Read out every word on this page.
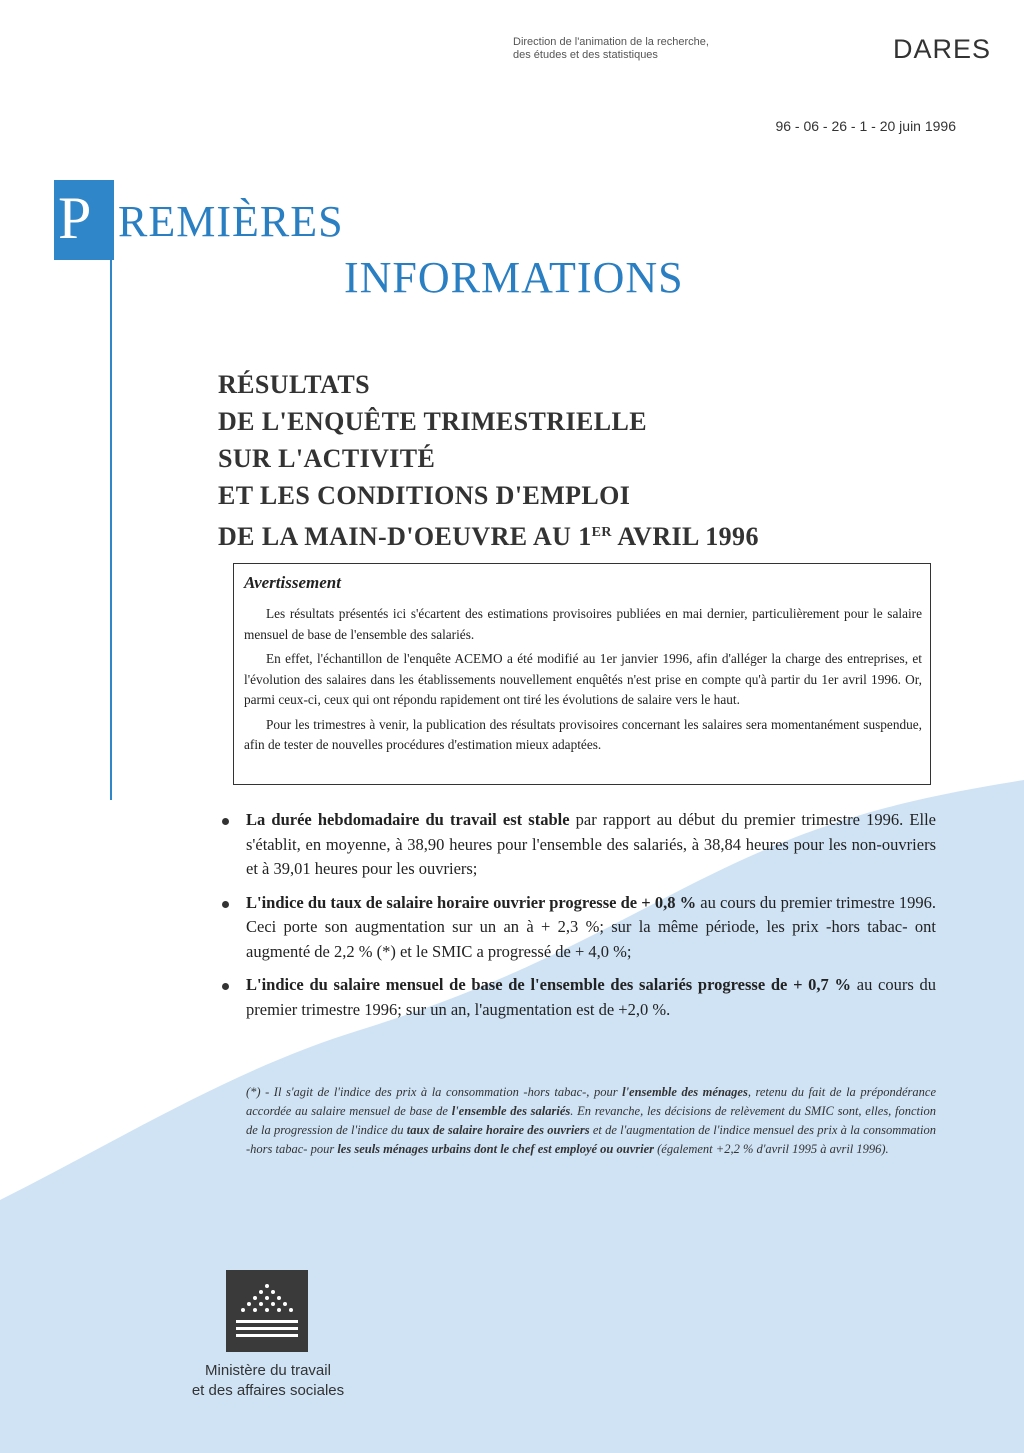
Direction de l'animation de la recherche,
des études et des statistiques	DARES
96 - 06 - 26 - 1 - 20 juin 1996
P REMIÈRES
INFORMATIONS
RÉSULTATS
DE L'ENQUÊTE TRIMESTRIELLE
SUR L'ACTIVITÉ
ET LES CONDITIONS D'EMPLOI
DE LA MAIN-D'OEUVRE AU 1ER AVRIL 1996
Avertissement

Les résultats présentés ici s'écartent des estimations provisoires publiées en mai dernier, particulièrement pour le salaire mensuel de base de l'ensemble des salariés.

En effet, l'échantillon de l'enquête ACEMO a été modifié au 1er janvier 1996, afin d'alléger la charge des entreprises, et l'évolution des salaires dans les établissements nouvellement enquêtés n'est prise en compte qu'à partir du 1er avril 1996. Or, parmi ceux-ci, ceux qui ont répondu rapidement ont tiré les évolutions de salaire vers le haut.

Pour les trimestres à venir, la publication des résultats provisoires concernant les salaires sera momentanément suspendue, afin de tester de nouvelles procédures d'estimation mieux adaptées.

La durée hebdomadaire du travail est stable par rapport au début du premier trimestre 1996. Elle s'établit, en moyenne, à 38,90 heures pour l'ensemble des salariés, à 38,84 heures pour les non-ouvriers et à 39,01 heures pour les ouvriers;
L'indice du taux de salaire horaire ouvrier progresse de + 0,8 % au cours du premier trimestre 1996. Ceci porte son augmentation sur un an à + 2,3 %; sur la même période, les prix -hors tabac- ont augmenté de 2,2 % (*) et le SMIC a progressé de + 4,0 %;
L'indice du salaire mensuel de base de l'ensemble des salariés progresse de + 0,7 % au cours du premier trimestre 1996; sur un an, l'augmentation est de +2,0 %.
(*) - Il s'agit de l'indice des prix à la consommation -hors tabac-, pour l'ensemble des ménages, retenu du fait de la prépondérance accordée au salaire mensuel de base de l'ensemble des salariés. En revanche, les décisions de relèvement du SMIC sont, elles, fonction de la progression de l'indice du taux de salaire horaire des ouvriers et de l'augmentation de l'indice mensuel des prix à la consommation -hors tabac- pour les seuls ménages urbains dont le chef est employé ou ouvrier (également +2,2 % d'avril 1995 à avril 1996).
Ministère du travail
et des affaires sociales
